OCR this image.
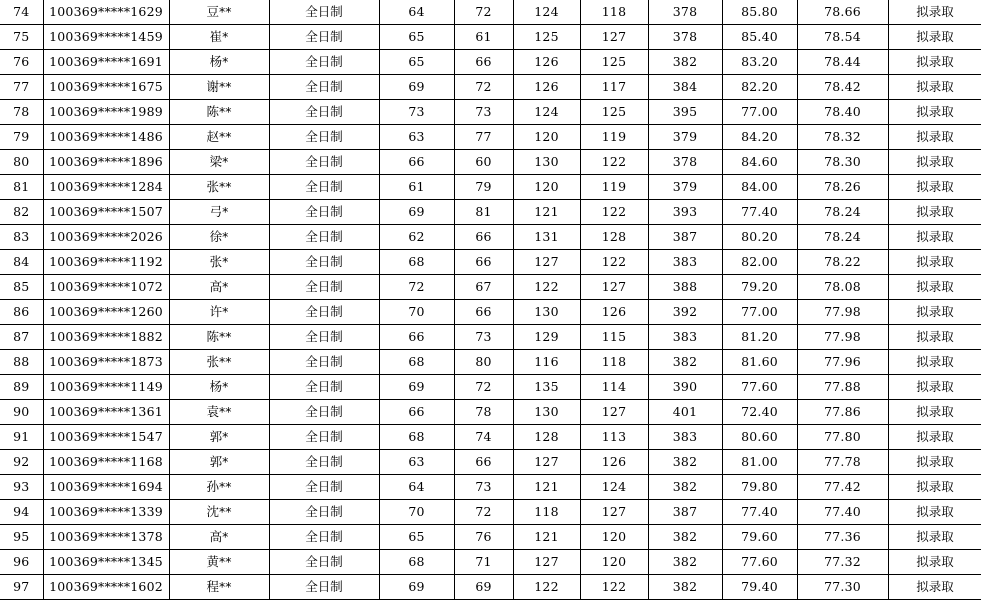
74	100369*****1629	豆**	全日制	64	72	124	118	378	85.80	78.66	拟录取
75	100369*****1459	崔*	全日制	65	61	125	127	378	85.40	78.54	拟录取
76	100369*****1691	杨*	全日制	65	66	126	125	382	83.20	78.44	拟录取
77	100369*****1675	谢**	全日制	69	72	126	117	384	82.20	78.42	拟录取
78	100369*****1989	陈**	全日制	73	73	124	125	395	77.00	78.40	拟录取
79	100369*****1486	赵**	全日制	63	77	120	119	379	84.20	78.32	拟录取
80	100369*****1896	梁*	全日制	66	60	130	122	378	84.60	78.30	拟录取
81	100369*****1284	张**	全日制	61	79	120	119	379	84.00	78.26	拟录取
82	100369*****1507	弓*	全日制	69	81	121	122	393	77.40	78.24	拟录取
83	100369*****2026	徐*	全日制	62	66	131	128	387	80.20	78.24	拟录取
84	100369*****1192	张*	全日制	68	66	127	122	383	82.00	78.22	拟录取
85	100369*****1072	高*	全日制	72	67	122	127	388	79.20	78.08	拟录取
86	100369*****1260	许*	全日制	70	66	130	126	392	77.00	77.98	拟录取
87	100369*****1882	陈**	全日制	66	73	129	115	383	81.20	77.98	拟录取
88	100369*****1873	张**	全日制	68	80	116	118	382	81.60	77.96	拟录取
89	100369*****1149	杨*	全日制	69	72	135	114	390	77.60	77.88	拟录取
90	100369*****1361	袁**	全日制	66	78	130	127	401	72.40	77.86	拟录取
91	100369*****1547	郭*	全日制	68	74	128	113	383	80.60	77.80	拟录取
92	100369*****1168	郭*	全日制	63	66	127	126	382	81.00	77.78	拟录取
93	100369*****1694	孙**	全日制	64	73	121	124	382	79.80	77.42	拟录取
94	100369*****1339	沈**	全日制	70	72	118	127	387	77.40	77.40	拟录取
95	100369*****1378	高*	全日制	65	76	121	120	382	79.60	77.36	拟录取
96	100369*****1345	黄**	全日制	68	71	127	120	382	77.60	77.32	拟录取
97	100369*****1602	程**	全日制	69	69	122	122	382	79.40	77.30	拟录取
